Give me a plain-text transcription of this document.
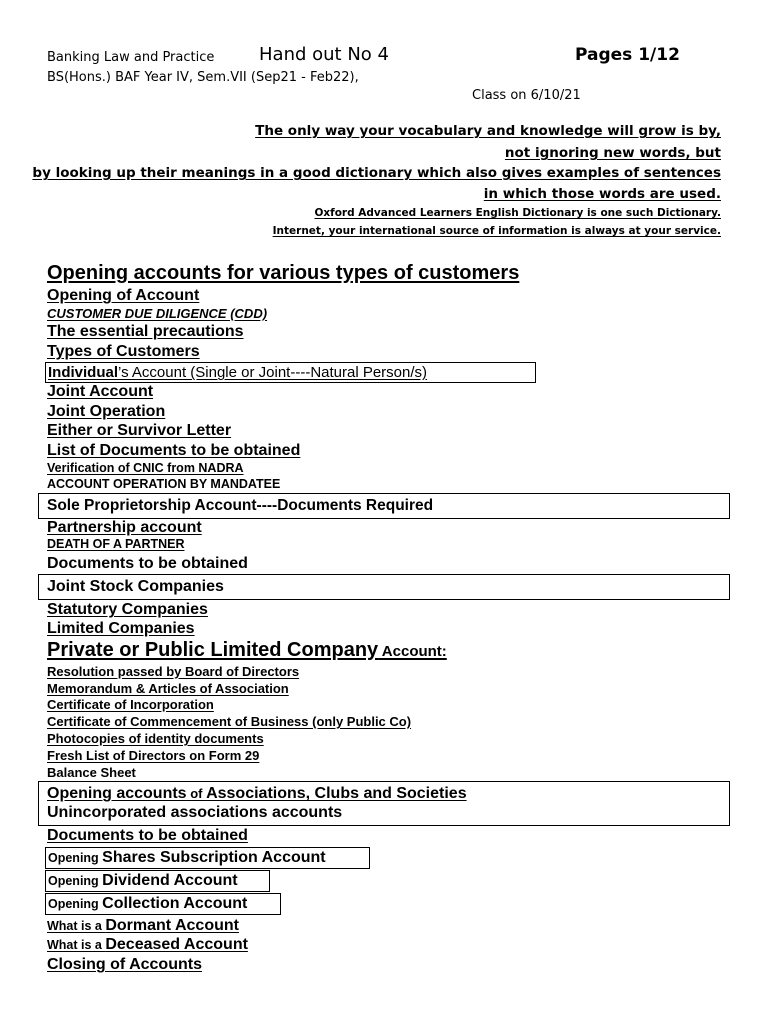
Banking Law and Practice Hand out No 4	Pages 1/12
BS(Hons.) BAF Year IV, Sem.VII (Sep21 - Feb22),
Class on 6/10/21
The only way your vocabulary and knowledge will grow is by,
not ignoring new words, but
by looking up their meanings in a good dictionary which also gives examples of sentences
in which those words are used.
Oxford Advanced Learners English Dictionary is one such Dictionary.
Internet, your international source of information is always at your service.
Opening accounts for various types of customers
Opening of Account
CUSTOMER DUE DILIGENCE (CDD)
The essential precautions
Types of Customers
Individual’s Account (Single or Joint----Natural Person/s)
Joint Account
Joint Operation
Either or Survivor Letter
List of Documents to be obtained
Verification of CNIC from NADRA
ACCOUNT OPERATION BY MANDATEE
Sole Proprietorship Account----Documents Required
Partnership account
DEATH OF A PARTNER
Documents to be obtained
Joint Stock Companies
Statutory Companies
Limited Companies
Private or Public Limited Company Account:
Resolution passed by Board of Directors
Memorandum & Articles of Association
Certificate of Incorporation
Certificate of Commencement of Business (only Public Co)
Photocopies of identity documents
Fresh List of Directors on Form 29
Balance Sheet
Opening accounts of Associations, Clubs and Societies
Unincorporated associations accounts
Documents to be obtained
Opening Shares Subscription Account
Opening Dividend Account
Opening Collection Account
What is a Dormant Account
What is a Deceased Account
Closing of Accounts
